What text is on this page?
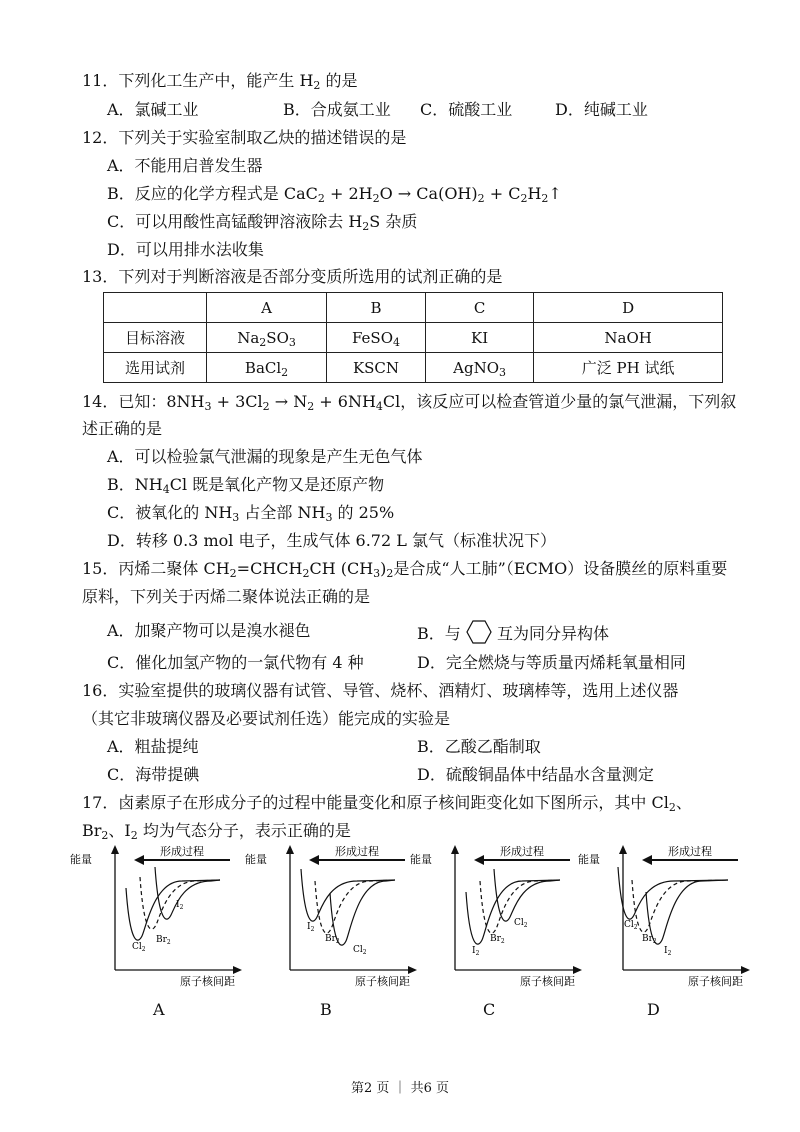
11．下列化工生产中，能产生 $H_2$ 的是
A．氯碱工业	B．合成氨工业 C．硫酸工业	D．纯碱工业
12．下列关于实验室制取乙炔的描述错误的是
A．不能用启普发生器
B．反应的化学方程式是 $CaC_2 + 2H_2O \to Ca(OH)_2$ + $C_2H_2↑$
C．可以用酸性高锰酸钾溶液除去 $H_2S$ 杂质
D．可以用排水法收集
13．下列对于判断溶液是否部分变质所选用的试剂正确的是
	A	B	C	D
目标溶液	$Na_2SO_3$	FeSO$_4$	KI	NaOH
选用试剂	BaCl$_2$	KSCN	AgNO$_3$	广泛 PH 试纸
14．已知：$8NH_3 + 3Cl_2 \to N_2 + 6NH_4Cl$，该反应可以检查管道少量的氯气泄漏，下列叙
述正确的是
A．可以检验氯气泄漏的现象是产生无色气体
B．$NH_4Cl$ 既是氧化产物又是还原产物
C．被氧化的 $NH_3$ 占全部 $NH_3$ 的 25%
D．转移 0.3 mol 电子，生成气体 6.72 L 氯气（标准状况下）
15．丙烯二聚体 $CH_2=CHCH_2CH$ $(CH_3)_2$是合成“人工肺”（ECMO）设备膜丝的原料重要
原料，下列关于丙烯二聚体说法正确的是
A．加聚产物可以是溴水褪色	B．与 互为同分异构体
C．催化加氢产物的一氯代物有 4 种	D．完全燃烧与等质量丙烯耗氧量相同
16．实验室提供的玻璃仪器有试管、导管、烧杯、酒精灯、玻璃棒等，选用上述仪器
（其它非玻璃仪器及必要试剂任选）能完成的实验是
A．粗盐提纯	B．乙酸乙酯制取
C．海带提碘	D．硫酸铜晶体中结晶水含量测定
17．卤素原子在形成分子的过程中能量变化和原子核间距变化如下图所示，其中 $Cl_2$、
$Br_2$、$I_2$ 均为气态分子，表示正确的是
能量
原子核间距
形成过程
$Cl_2$
$Br_2$
$I_2$
能量
原子核间距
形成过程
$I_2$
$Br_2$
$Cl_2$
能量
原子核间距
形成过程
$I_2$
$Br_2$
$Cl_2$
能量
原子核间距
形成过程
$Cl_2$
$Br_2$
$I_2$
A	B	C	D
第2 页 ｜ 共6 页
